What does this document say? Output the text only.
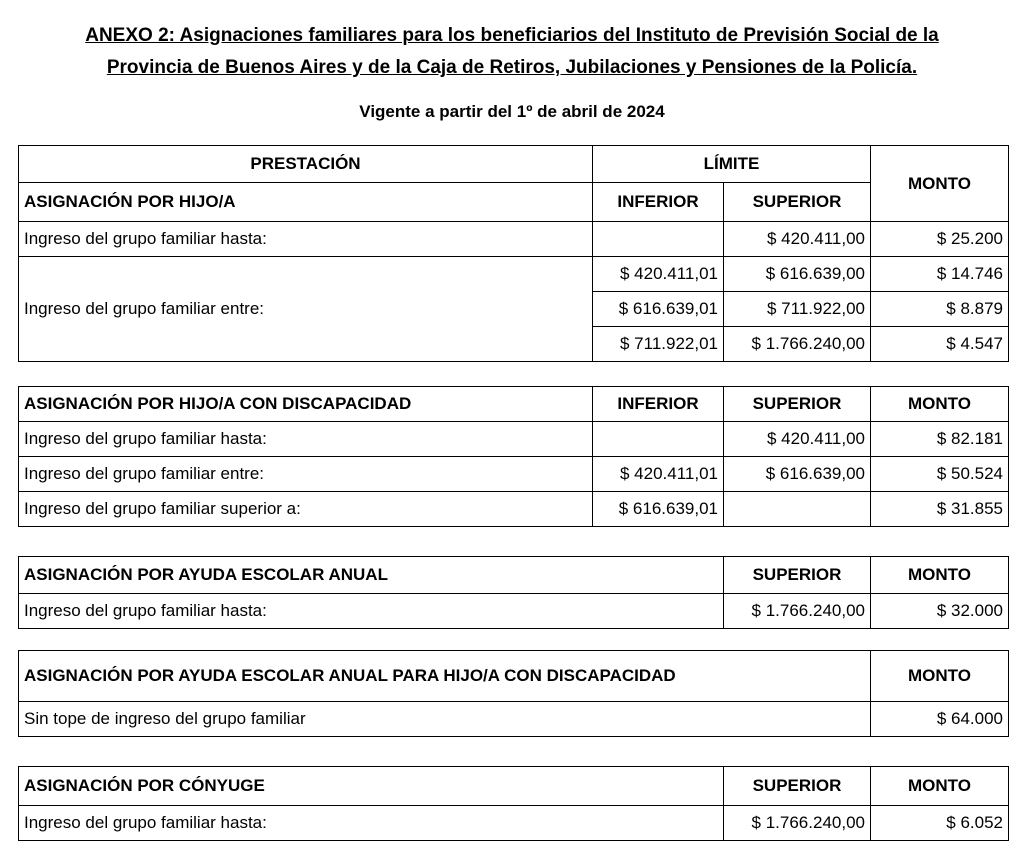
ANEXO 2: Asignaciones familiares para los beneficiarios del Instituto de Previsión Social de la
Provincia de Buenos Aires y de la Caja de Retiros, Jubilaciones y Pensiones de la Policía.
Vigente a partir del 1º de abril de 2024
PRESTACIÓN	LÍMITE		MONTO
ASIGNACIÓN POR HIJO/A	INFERIOR	SUPERIOR	
Ingreso del grupo familiar hasta:		$ 420.411,00	$ 25.200
Ingreso del grupo familiar entre:	$ 420.411,01	$ 616.639,00	$ 14.746
	$ 616.639,01	$ 711.922,00	$ 8.879
	$ 711.922,01	$ 1.766.240,00	$ 4.547
ASIGNACIÓN POR HIJO/A CON DISCAPACIDAD	INFERIOR	SUPERIOR	MONTO
Ingreso del grupo familiar hasta:		$ 420.411,00	$ 82.181
Ingreso del grupo familiar entre:	$ 420.411,01	$ 616.639,00	$ 50.524
Ingreso del grupo familiar superior a:	$ 616.639,01		$ 31.855
ASIGNACIÓN POR AYUDA ESCOLAR ANUAL	SUPERIOR	MONTO
Ingreso del grupo familiar hasta:	$ 1.766.240,00	$ 32.000
ASIGNACIÓN POR AYUDA ESCOLAR ANUAL PARA HIJO/A CON DISCAPACIDAD	MONTO
Sin tope de ingreso del grupo familiar	$ 64.000
ASIGNACIÓN POR CÓNYUGE	SUPERIOR	MONTO
Ingreso del grupo familiar hasta:	$ 1.766.240,00	$ 6.052
